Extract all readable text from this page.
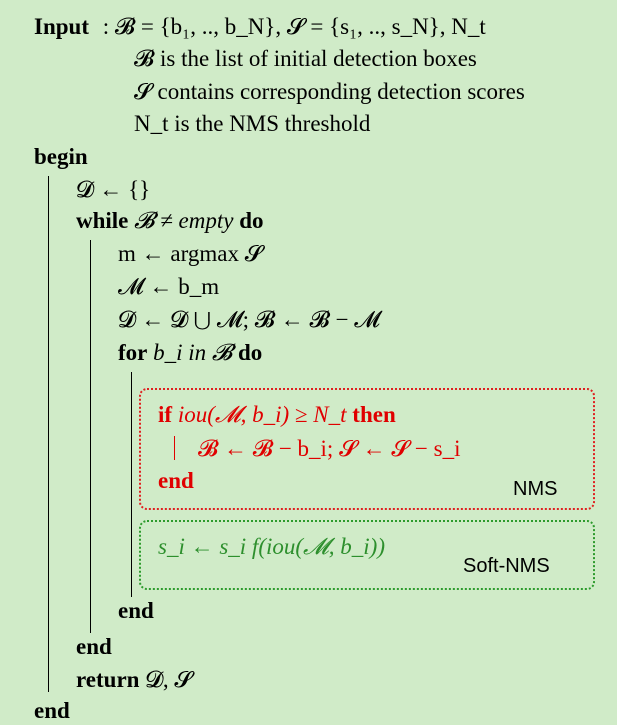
Input : 𝓑 = {b₁, .., b_N}, 𝓢 = {s₁, .., s_N}, N_t
𝓑 is the list of initial detection boxes
𝓢 contains corresponding detection scores
N_t is the NMS threshold
begin
𝓓 ← {}
while 𝓑 ≠ empty do
m ← argmax 𝓢
𝓜 ← b_m
𝓓 ← 𝓓 ⋃ 𝓜; 𝓑 ← 𝓑 − 𝓜
for b_i in 𝓑 do
if iou(𝓜, b_i) ≥ N_t then
𝓑 ← 𝓑 − b_i; 𝓢 ← 𝓢 − s_i
end	NMS
s_i ← s_i f(iou(𝓜, b_i))
Soft-NMS
end
end
return 𝓓, 𝓢
end
